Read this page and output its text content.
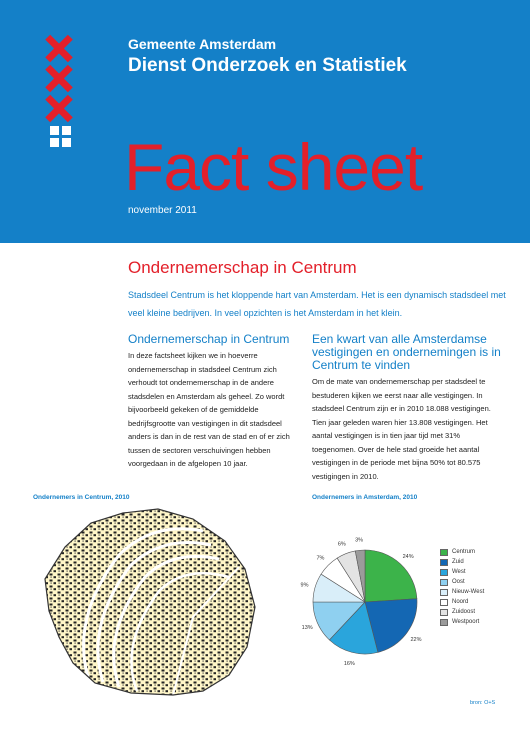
Gemeente Amsterdam
Dienst Onderzoek en Statistiek
Fact sheet
november 2011
Ondernemerschap in Centrum
Stadsdeel Centrum is het kloppende hart van Amsterdam. Het is een dynamisch stadsdeel met veel kleine bedrijven. In veel opzichten is het Amsterdam in het klein.
Ondernemerschap in Centrum

In deze factsheet kijken we in hoeverre ondernemerschap in stadsdeel Centrum zich verhoudt tot ondernemerschap in de andere stadsdelen en Amsterdam als geheel. Zo wordt bijvoorbeeld gekeken of de gemiddelde bedrijfsgrootte van vestigingen in dit stadsdeel anders is dan in de rest van de stad en of er zich tussen de sectoren verschuivingen hebben voorgedaan in de afgelopen 10 jaar.

Een kwart van alle Amsterdamse vestigingen en ondernemingen is in Centrum te vinden

Om de mate van ondernemerschap per stadsdeel te bestuderen kijken we eerst naar alle vestigingen. In stadsdeel Centrum zijn er in 2010 18.088 vestigingen. Tien jaar geleden waren hier 13.808 vestigingen. Het aantal vestigingen is in tien jaar tijd met 31% toegenomen. Over de hele stad groeide het aantal vestigingen in de periode met bijna 50% tot 80.575 vestigingen in 2010.

Ondernemers in Centrum, 2010	Ondernemers in Amsterdam, 2010
24%
22%
16%
13%
9%
7%
6%
3%
Centrum
Zuid
West
Oost
Nieuw-West
Noord
Zuidoost
Westpoort
bron: O+S
